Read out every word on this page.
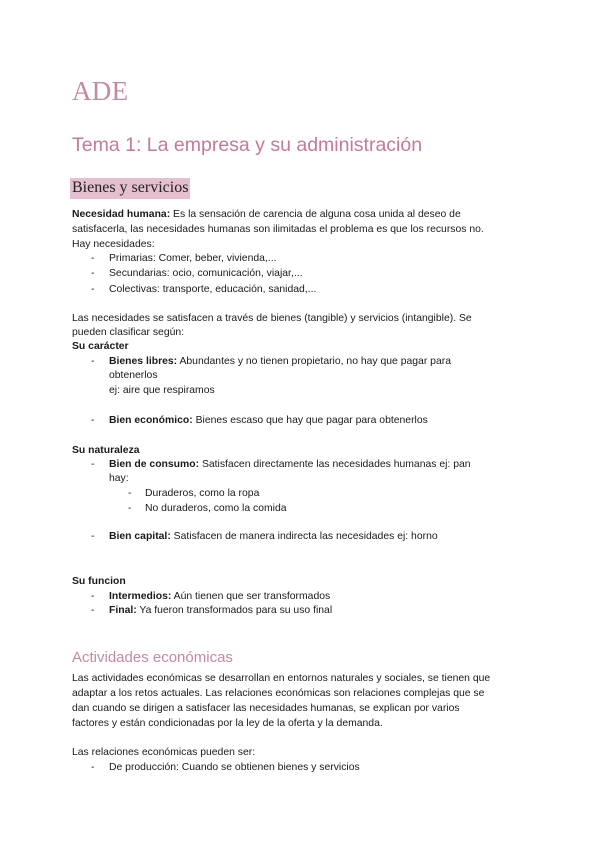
ADE
Tema 1: La empresa y su administración
Bienes y servicios
Necesidad humana: Es la sensación de carencia de alguna cosa unida al deseo de
satisfacerla, las necesidades humanas son ilimitadas el problema es que los recursos no.
Hay necesidades:
- Primarias: Comer, beber, vivienda,...
- Secundarias: ocio, comunicación, viajar,...
- Colectivas: transporte, educación, sanidad,...
Las necesidades se satisfacen a través de bienes (tangible) y servicios (intangible). Se
pueden clasificar según:
Su carácter
- Bienes libres: Abundantes y no tienen propietario, no hay que pagar para
obtenerlos
ej: aire que respiramos
- Bien económico: Bienes escaso que hay que pagar para obtenerlos
Su naturaleza
- Bien de consumo: Satisfacen directamente las necesidades humanas ej: pan
hay:
- Duraderos, como la ropa
- No duraderos, como la comida
- Bien capital: Satisfacen de manera indirecta las necesidades ej: horno
Su funcion
- Intermedios: Aún tienen que ser transformados
- Final: Ya fueron transformados para su uso final
Actividades económicas
Las actividades económicas se desarrollan en entornos naturales y sociales, se tienen que
adaptar a los retos actuales. Las relaciones económicas son relaciones complejas que se
dan cuando se dirigen a satisfacer las necesidades humanas, se explican por varios
factores y están condicionadas por la ley de la oferta y la demanda.
Las relaciones económicas pueden ser:
- De producción: Cuando se obtienen bienes y servicios
